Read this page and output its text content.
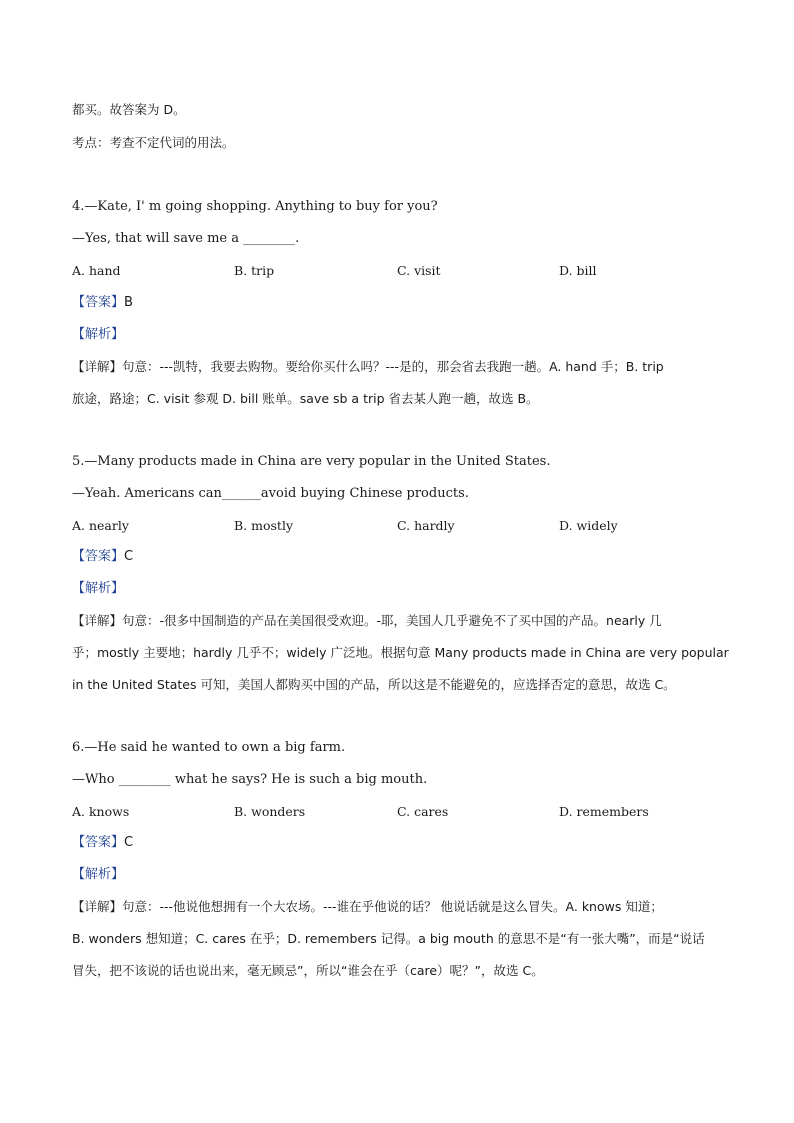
都买。故答案为 D。

考点：考查不定代词的用法。

4.—Kate, I' m going shopping. Anything to buy for you?

—Yes, that will save me a ________.

A. hand	B. trip	C. visit	D. bill

【答案】B

【解析】

【详解】句意：---凯特，我要去购物。要给你买什么吗？---是的，那会省去我跑一趟。A. hand 手；B. trip

旅途，路途；C. visit 参观 D. bill 账单。save sb a trip 省去某人跑一趟，故选 B。

5.—Many products made in China are very popular in the United States.

—Yeah. Americans can______avoid buying Chinese products.

A. nearly	B. mostly	C. hardly	D. widely

【答案】C

【解析】

【详解】句意：-很多中国制造的产品在美国很受欢迎。-耶，美国人几乎避免不了买中国的产品。nearly 几

乎；mostly 主要地；hardly 几乎不；widely 广泛地。根据句意 Many products made in China are very popular

in the United States 可知，美国人都购买中国的产品，所以这是不能避免的，应选择否定的意思，故选 C。

6.—He said he wanted to own a big farm.

—Who ________ what he says? He is such a big mouth.

A. knows	B. wonders	C. cares	D. remembers

【答案】C

【解析】

【详解】句意：---他说他想拥有一个大农场。---谁在乎他说的话？ 他说话就是这么冒失。A. knows 知道；

B. wonders 想知道；C. cares 在乎；D. remembers 记得。a big mouth 的意思不是“有一张大嘴”，而是“说话

冒失，把不该说的话也说出来，毫无顾忌”，所以“谁会在乎（care）呢？”，故选 C。
